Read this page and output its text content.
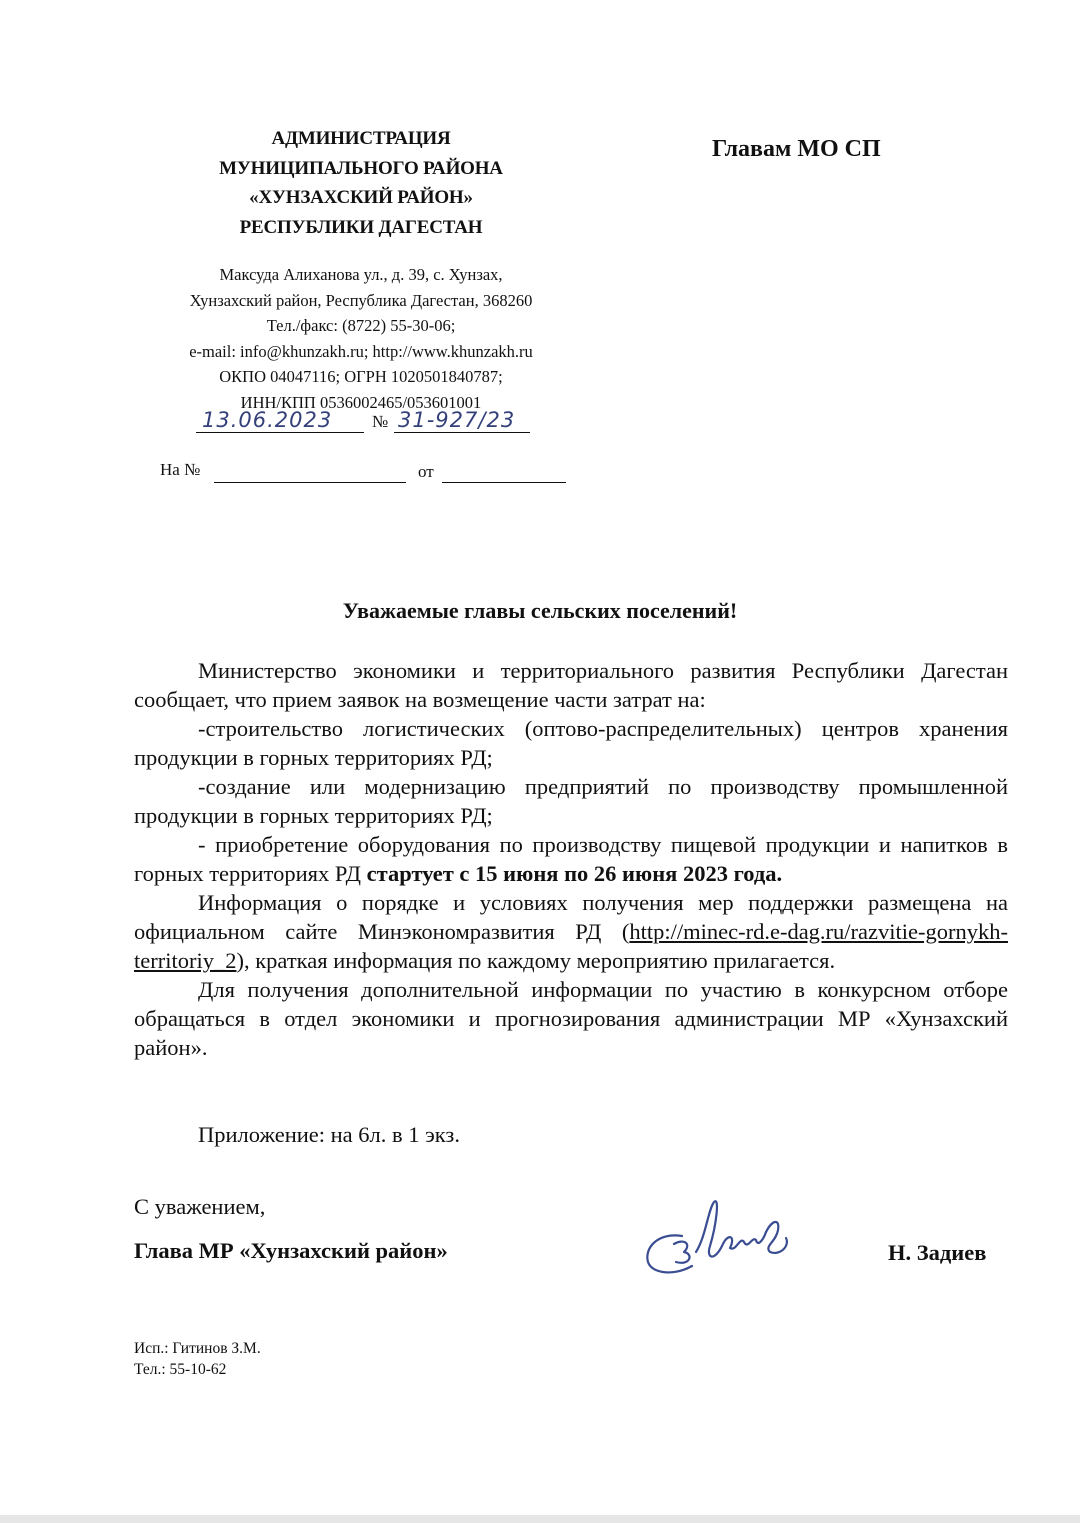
АДМИНИСТРАЦИЯ
МУНИЦИПАЛЬНОГО РАЙОНА
«ХУНЗАХСКИЙ РАЙОН»
РЕСПУБЛИКИ ДАГЕСТАН
Максуда Алиханова ул., д. 39, с. Хунзах,
Хунзахский район, Республика Дагестан, 368260
Тел./факс: (8722) 55-30-06;
e-mail: info@khunzakh.ru; http://www.khunzakh.ru
ОКПО 04047116; ОГРН 1020501840787;
ИНН/КПП 0536002465/053601001
Главам МО СП
13.06.2023 № 31-927/23
На №	от
Уважаемые главы сельских поселений!

Министерство экономики и территориального развития Республики Дагестан сообщает, что прием заявок на возмещение части затрат на:

-строительство логистических (оптово-распределительных) центров хранения продукции в горных территориях РД;

-создание или модернизацию предприятий по производству промышленной продукции в горных территориях РД;

- приобретение оборудования по производству пищевой продукции и напитков в горных территориях РД стартует с 15 июня по 26 июня 2023 года.

Информация о порядке и условиях получения мер поддержки размещена на официальном сайте Минэкономразвития РД (http://minec-rd.e-dag.ru/razvitie-gornykh-territoriy_2), краткая информация по каждому мероприятию прилагается.

Для получения дополнительной информации по участию в конкурсном отборе обращаться в отдел экономики и прогнозирования администрации МР «Хунзахский район».

Приложение: на 6л. в 1 экз.
С уважением,
Глава МР «Хунзахский район»	Н. Задиев
Исп.: Гитинов З.М.
Тел.: 55-10-62
